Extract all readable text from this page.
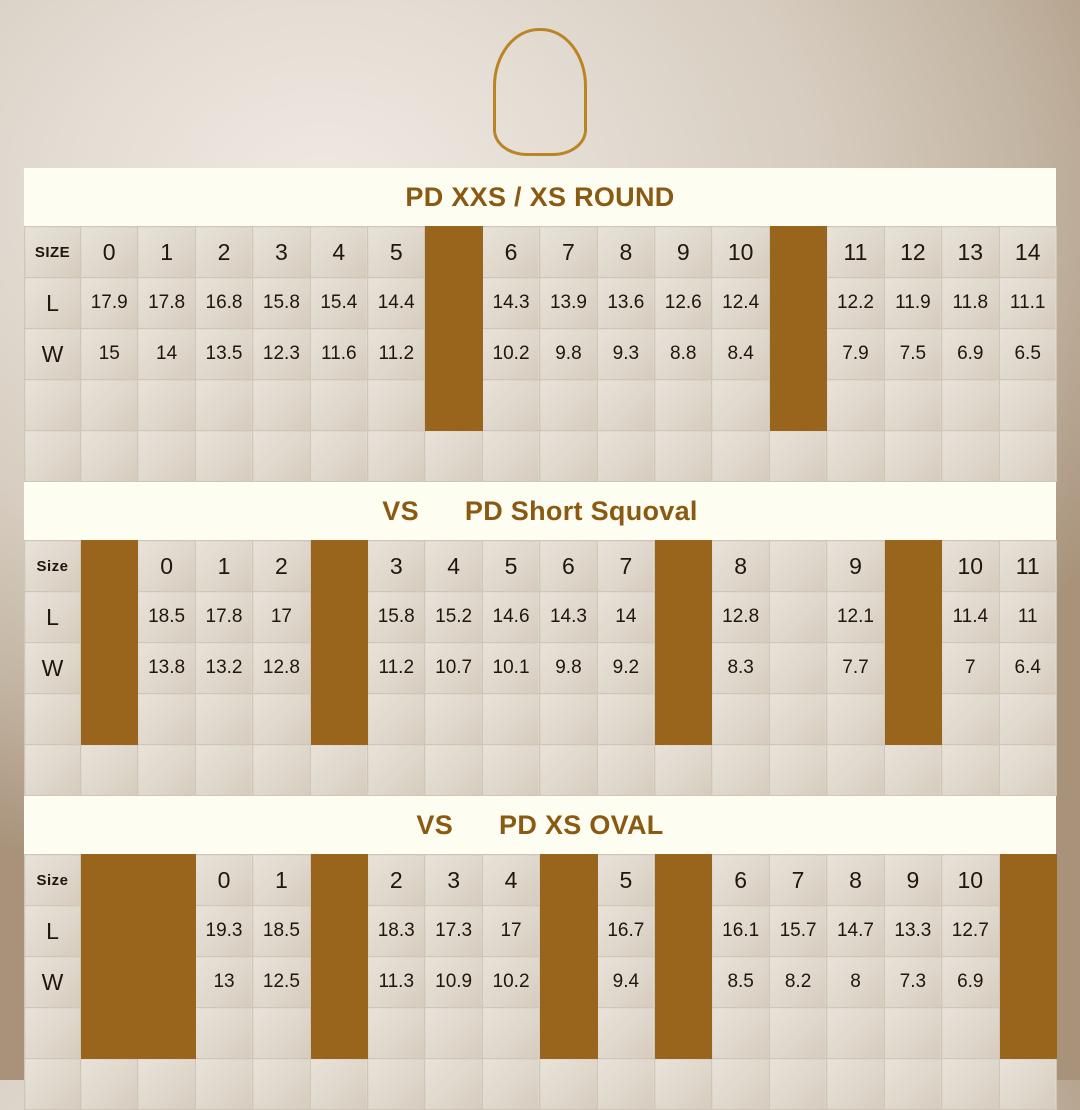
PD XXS / XS ROUND
SIZE	0	1	2	3	4	5		6	7	8	9	10		11	12	13	14
L	17.9	17.8	16.8	15.8	15.4	14.4		14.3	13.9	13.6	12.6	12.4		12.2	11.9	11.8	11.1
W	15	14	13.5	12.3	11.6	11.2		10.2	9.8	9.3	8.8	8.4		7.9	7.5	6.9	6.5

VS PD Short Squoval
Size		0	1	2		3	4	5	6	7		8		9		10	11
L		18.5	17.8	17		15.8	15.2	14.6	14.3	14		12.8		12.1		11.4	11
W		13.8	13.2	12.8		11.2	10.7	10.1	9.8	9.2		8.3		7.7		7	6.4

VS PD XS OVAL
Size			0	1		2	3	4		5		6	7	8	9	10	
L			19.3	18.5		18.3	17.3	17		16.7		16.1	15.7	14.7	13.3	12.7	
W			13	12.5		11.3	10.9	10.2		9.4		8.5	8.2	8	7.3	6.9	
